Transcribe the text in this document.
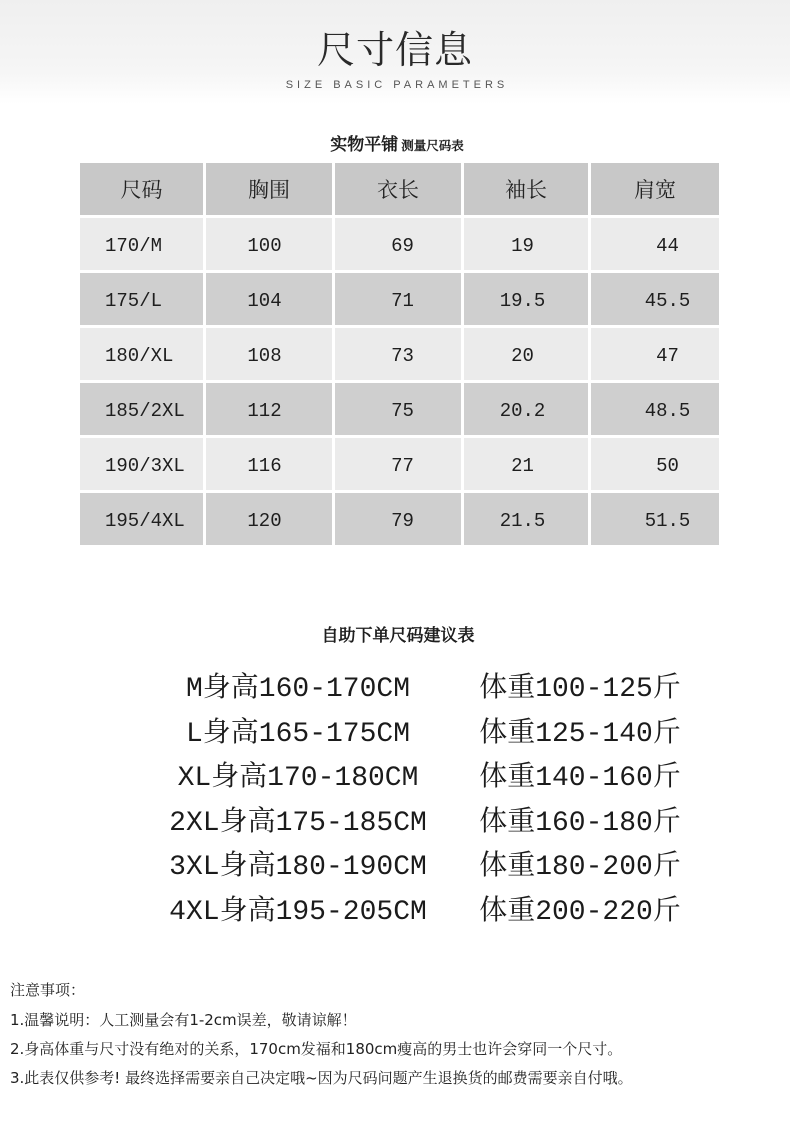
尺寸信息
SIZE BASIC PARAMETERS
实物平铺 测量尺码表
尺码	胸围	衣长	袖长	肩宽
170/M	100	69	19	44
175/L	104	71	19.5	45.5
180/XL	108	73	20	47
185/2XL	112	75	20.2	48.5
190/3XL	116	77	21	50
195/4XL	120	79	21.5	51.5
自助下单尺码建议表
M身高160-170CM	体重100-125斤
L身高165-175CM	体重125-140斤
XL身高170-180CM	体重140-160斤
2XL身高175-185CM	体重160-180斤
3XL身高180-190CM	体重180-200斤
4XL身高195-205CM	体重200-220斤
注意事项：
1.温馨说明：人工测量会有1-2cm误差，敬请谅解！
2.身高体重与尺寸没有绝对的关系，170cm发福和180cm瘦高的男士也许会穿同一个尺寸。
3.此表仅供参考! 最终选择需要亲自己决定哦~因为尺码问题产生退换货的邮费需要亲自付哦。
